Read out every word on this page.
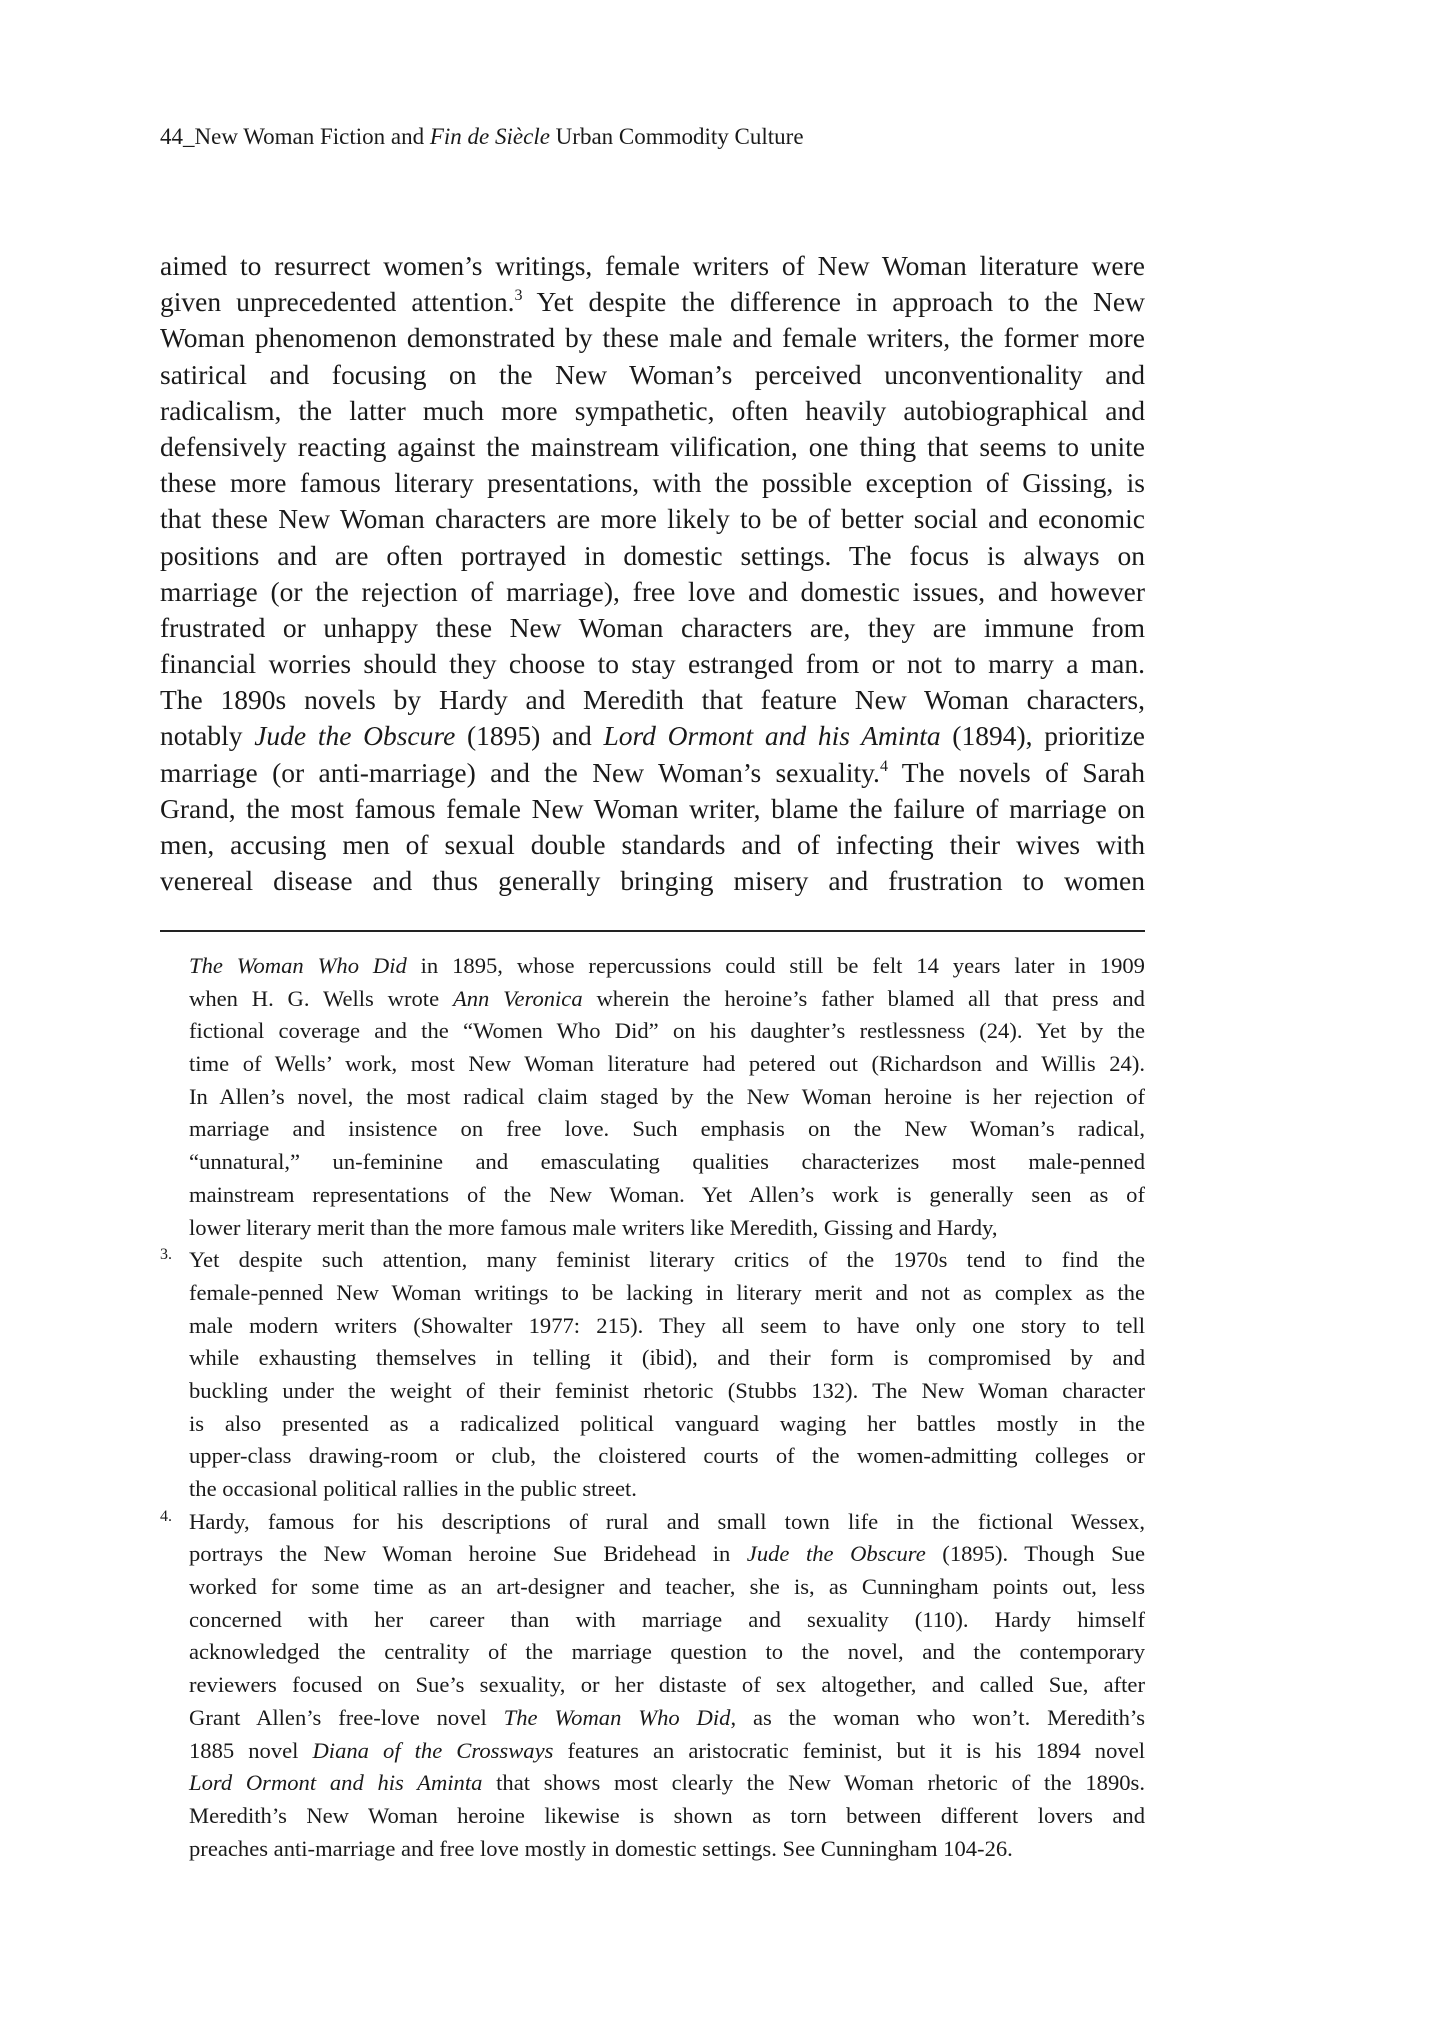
44_New Woman Fiction and Fin de Siècle Urban Commodity Culture
aimed to resurrect women’s writings, female writers of New Woman literature were
given unprecedented attention.$^3$ Yet despite the difference in approach to the New
Woman phenomenon demonstrated by these male and female writers, the former more
satirical and focusing on the New Woman’s perceived unconventionality and
radicalism, the latter much more sympathetic, often heavily autobiographical and
defensively reacting against the mainstream vilification, one thing that seems to unite
these more famous literary presentations, with the possible exception of Gissing, is
that these New Woman characters are more likely to be of better social and economic
positions and are often portrayed in domestic settings. The focus is always on
marriage (or the rejection of marriage), free love and domestic issues, and however
frustrated or unhappy these New Woman characters are, they are immune from
financial worries should they choose to stay estranged from or not to marry a man.
The 1890s novels by Hardy and Meredith that feature New Woman characters,
notably Jude the Obscure (1895) and Lord Ormont and his Aminta (1894), prioritize
marriage (or anti-marriage) and the New Woman’s sexuality.$^4$ The novels of Sarah
Grand, the most famous female New Woman writer, blame the failure of marriage on
men, accusing men of sexual double standards and of infecting their wives with
venereal disease and thus generally bringing misery and frustration to women
The Woman Who Did in 1895, whose repercussions could still be felt 14 years later in 1909
when H. G. Wells wrote Ann Veronica wherein the heroine’s father blamed all that press and
fictional coverage and the “Women Who Did” on his daughter’s restlessness (24). Yet by the
time of Wells’ work, most New Woman literature had petered out (Richardson and Willis 24).
In Allen’s novel, the most radical claim staged by the New Woman heroine is her rejection of
marriage and insistence on free love. Such emphasis on the New Woman’s radical,
“unnatural,” un-feminine and emasculating qualities characterizes most male-penned
mainstream representations of the New Woman. Yet Allen’s work is generally seen as of
lower literary merit than the more famous male writers like Meredith, Gissing and Hardy,
3. Yet despite such attention, many feminist literary critics of the 1970s tend to find the
female-penned New Woman writings to be lacking in literary merit and not as complex as the
male modern writers (Showalter 1977: 215). They all seem to have only one story to tell
while exhausting themselves in telling it (ibid), and their form is compromised by and
buckling under the weight of their feminist rhetoric (Stubbs 132). The New Woman character
is also presented as a radicalized political vanguard waging her battles mostly in the
upper-class drawing-room or club, the cloistered courts of the women-admitting colleges or
the occasional political rallies in the public street.
4. Hardy, famous for his descriptions of rural and small town life in the fictional Wessex,
portrays the New Woman heroine Sue Bridehead in Jude the Obscure (1895). Though Sue
worked for some time as an art-designer and teacher, she is, as Cunningham points out, less
concerned with her career than with marriage and sexuality (110). Hardy himself
acknowledged the centrality of the marriage question to the novel, and the contemporary
reviewers focused on Sue’s sexuality, or her distaste of sex altogether, and called Sue, after
Grant Allen’s free-love novel The Woman Who Did, as the woman who won’t. Meredith’s
1885 novel Diana of the Crossways features an aristocratic feminist, but it is his 1894 novel
Lord Ormont and his Aminta that shows most clearly the New Woman rhetoric of the 1890s.
Meredith’s New Woman heroine likewise is shown as torn between different lovers and
preaches anti-marriage and free love mostly in domestic settings. See Cunningham 104-26.
